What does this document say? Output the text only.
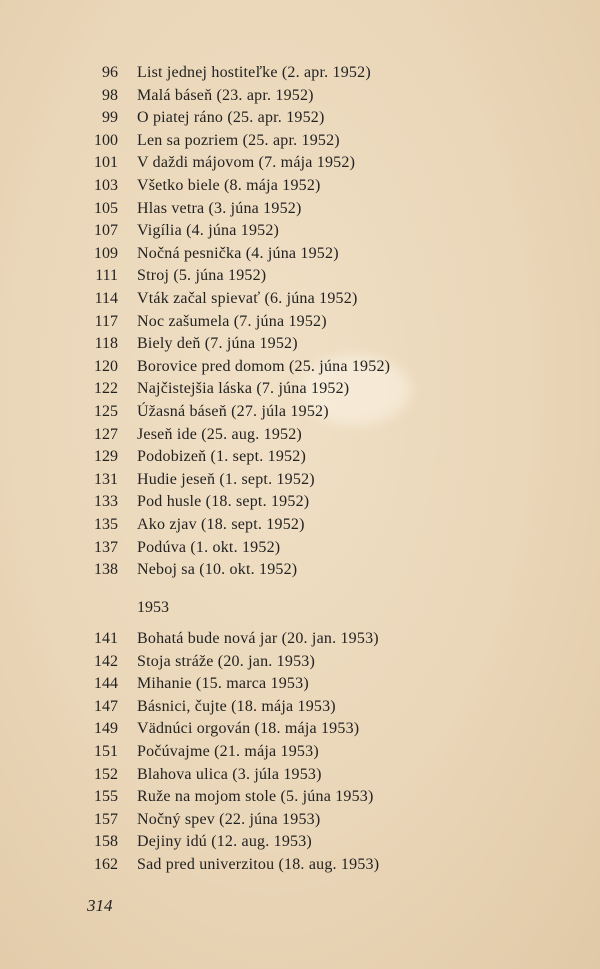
96 List jednej hostiteľke (2. apr. 1952)
98 Malá báseň (23. apr. 1952)
99 O piatej ráno (25. apr. 1952)
100 Len sa pozriem (25. apr. 1952)
101 V daždi májovom (7. mája 1952)
103 Všetko biele (8. mája 1952)
105 Hlas vetra (3. júna 1952)
107 Vigília (4. júna 1952)
109 Nočná pesnička (4. júna 1952)
111 Stroj (5. júna 1952)
114 Vták začal spievať (6. júna 1952)
117 Noc zašumela (7. júna 1952)
118 Biely deň (7. júna 1952)
120 Borovice pred domom (25. júna 1952)
122 Najčistejšia láska (7. júna 1952)
125 Úžasná báseň (27. júla 1952)
127 Jeseň ide (25. aug. 1952)
129 Podobizeň (1. sept. 1952)
131 Hudie jeseň (1. sept. 1952)
133 Pod husle (18. sept. 1952)
135 Ako zjav (18. sept. 1952)
137 Podúva (1. okt. 1952)
138 Neboj sa (10. okt. 1952)
1953
141 Bohatá bude nová jar (20. jan. 1953)
142 Stoja stráže (20. jan. 1953)
144 Mihanie (15. marca 1953)
147 Básnici, čujte (18. mája 1953)
149 Vädnúci orgován (18. mája 1953)
151 Počúvajme (21. mája 1953)
152 Blahova ulica (3. júla 1953)
155 Ruže na mojom stole (5. júna 1953)
157 Nočný spev (22. júna 1953)
158 Dejiny idú (12. aug. 1953)
162 Sad pred univerzitou (18. aug. 1953)
314
